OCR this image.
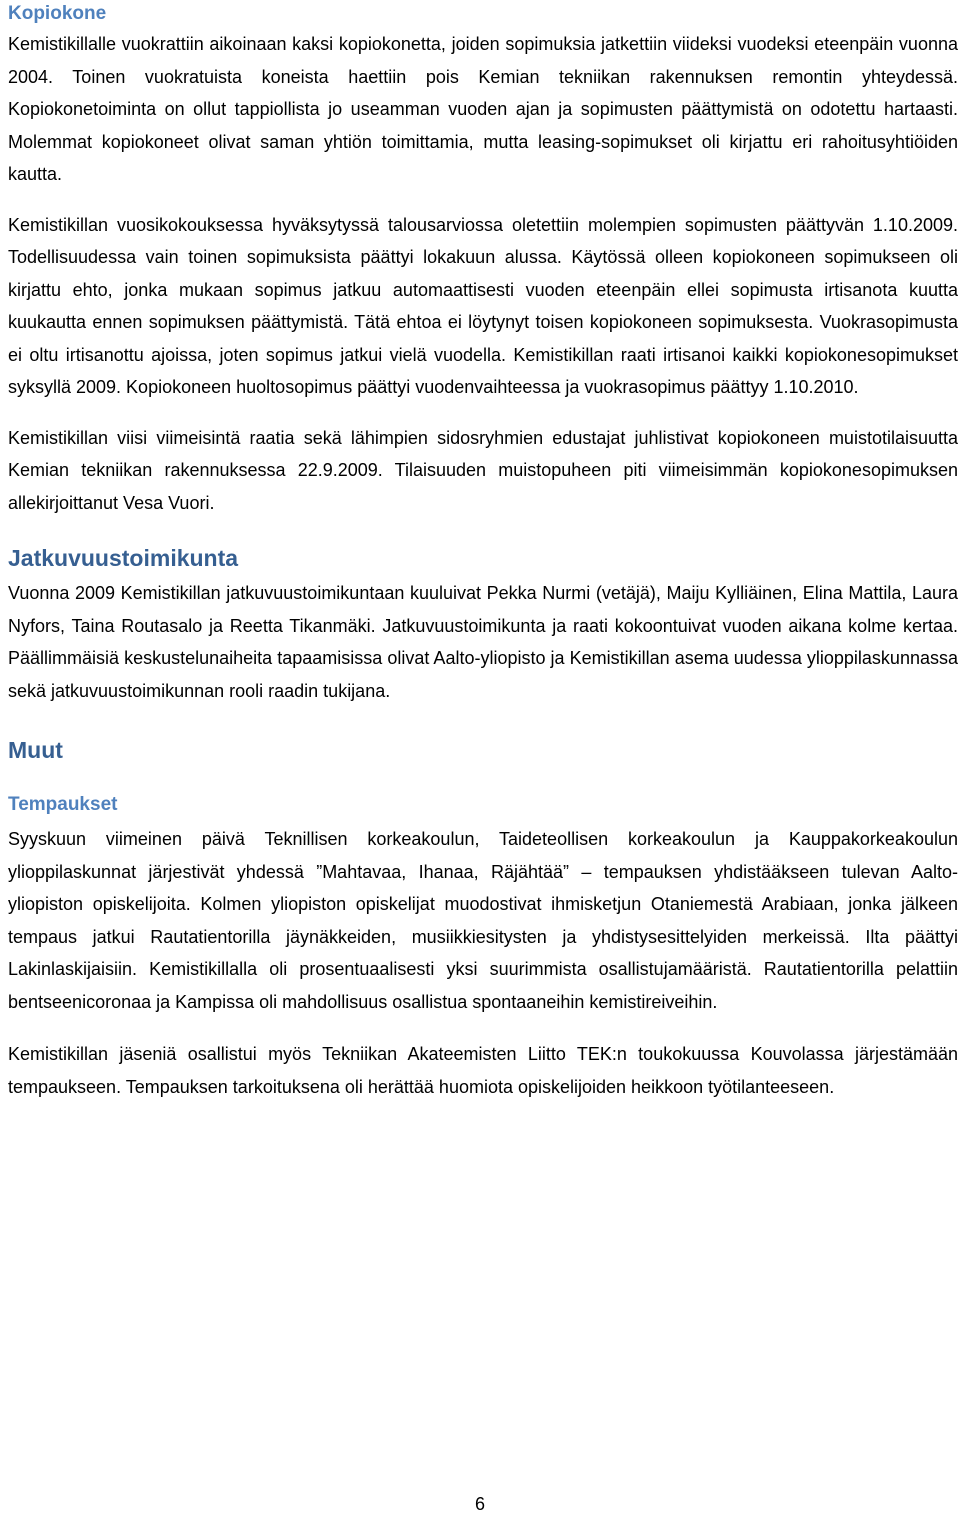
Kopiokone

Kemistikillalle vuokrattiin aikoinaan kaksi kopiokonetta, joiden sopimuksia jatkettiin viideksi vuodeksi eteenpäin vuonna 2004. Toinen vuokratuista koneista haettiin pois Kemian tekniikan rakennuksen remontin yhteydessä. Kopiokonetoiminta on ollut tappiollista jo useamman vuoden ajan ja sopimusten päättymistä on odotettu hartaasti. Molemmat kopiokoneet olivat saman yhtiön toimittamia, mutta leasing-sopimukset oli kirjattu eri rahoitusyhtiöiden kautta.

Kemistikillan vuosikokouksessa hyväksytyssä talousarviossa oletettiin molempien sopimusten päättyvän 1.10.2009. Todellisuudessa vain toinen sopimuksista päättyi lokakuun alussa. Käytössä olleen kopiokoneen sopimukseen oli kirjattu ehto, jonka mukaan sopimus jatkuu automaattisesti vuoden eteenpäin ellei sopimusta irtisanota kuutta kuukautta ennen sopimuksen päättymistä. Tätä ehtoa ei löytynyt toisen kopiokoneen sopimuksesta. Vuokrasopimusta ei oltu irtisanottu ajoissa, joten sopimus jatkui vielä vuodella. Kemistikillan raati irtisanoi kaikki kopiokonesopimukset syksyllä 2009. Kopiokoneen huoltosopimus päättyi vuodenvaihteessa ja vuokrasopimus päättyy 1.10.2010.

Kemistikillan viisi viimeisintä raatia sekä lähimpien sidosryhmien edustajat juhlistivat kopiokoneen muistotilaisuutta Kemian tekniikan rakennuksessa 22.9.2009. Tilaisuuden muistopuheen piti viimeisimmän kopiokonesopimuksen allekirjoittanut Vesa Vuori.

Jatkuvuustoimikunta

Vuonna 2009 Kemistikillan jatkuvuustoimikuntaan kuuluivat Pekka Nurmi (vetäjä), Maiju Kylliäinen, Elina Mattila, Laura Nyfors, Taina Routasalo ja Reetta Tikanmäki. Jatkuvuustoimikunta ja raati kokoontuivat vuoden aikana kolme kertaa. Päällimmäisiä keskustelunaiheita tapaamisissa olivat Aalto-yliopisto ja Kemistikillan asema uudessa ylioppilaskunnassa sekä jatkuvuustoimikunnan rooli raadin tukijana.

Muut
Tempaukset

Syyskuun viimeinen päivä Teknillisen korkeakoulun, Taideteollisen korkeakoulun ja Kauppakorkeakoulun ylioppilaskunnat järjestivät yhdessä ”Mahtavaa, Ihanaa, Räjähtää” – tempauksen yhdistääkseen tulevan Aalto-yliopiston opiskelijoita. Kolmen yliopiston opiskelijat muodostivat ihmisketjun Otaniemestä Arabiaan, jonka jälkeen tempaus jatkui Rautatientorilla jäynäkkeiden, musiikkiesitysten ja yhdistysesittelyiden merkeissä. Ilta päättyi Lakinlaskijaisiin. Kemistikillalla oli prosentuaalisesti yksi suurimmista osallistujamääristä. Rautatientorilla pelattiin bentseenicoronaa ja Kampissa oli mahdollisuus osallistua spontaaneihin kemistireiveihin.

Kemistikillan jäseniä osallistui myös Tekniikan Akateemisten Liitto TEK:n toukokuussa Kouvolassa järjestämään tempaukseen. Tempauksen tarkoituksena oli herättää huomiota opiskelijoiden heikkoon työtilanteeseen.

6
